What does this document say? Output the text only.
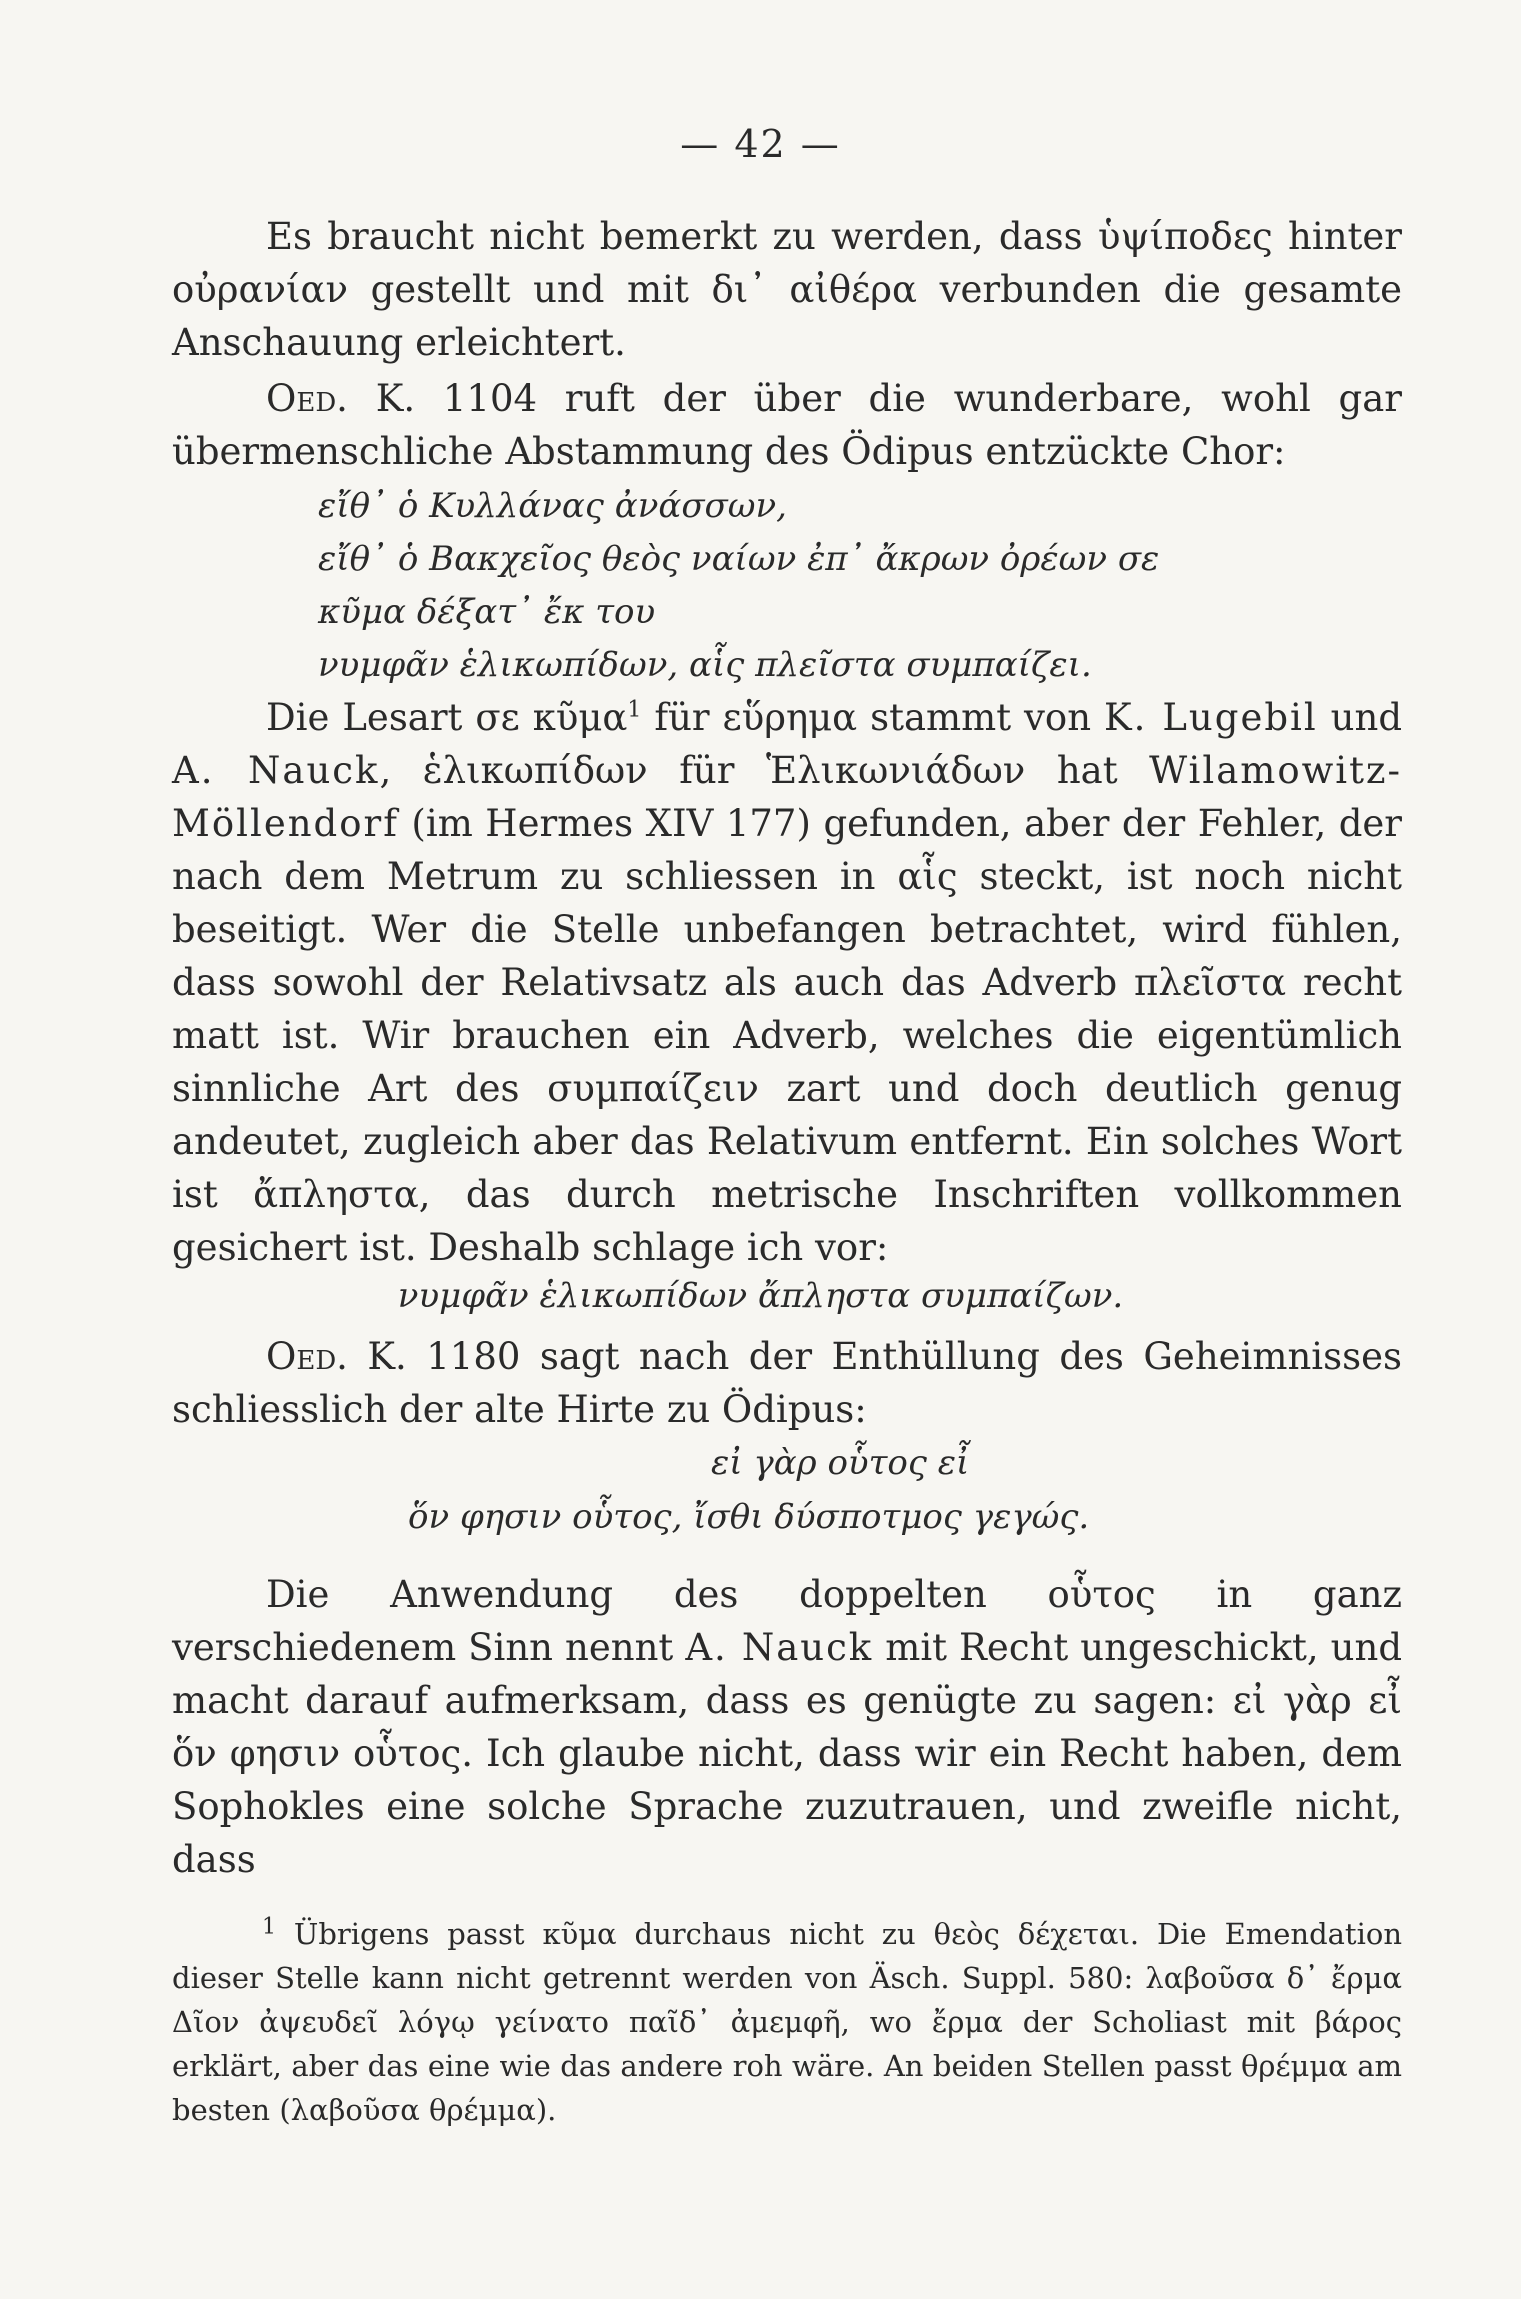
— 42 —

Es braucht nicht bemerkt zu werden, dass ὑψίποδες hinter οὐρανίαν gestellt und mit δι᾽ αἰθέρα verbunden die gesamte Anschauung erleichtert.

Oed. K. 1104 ruft der über die wunderbare, wohl gar übermenschliche Abstammung des Ödipus entzückte Chor:

εἴθ᾽ ὁ Κυλλάνας ἀνάσσων,
εἴθ᾽ ὁ Βακχεῖος θεὸς ναίων ἐπ᾽ ἄκρων ὀρέων σε
κῦμα δέξατ᾽ ἔκ του
νυμφᾶν ἑλικωπίδων, αἷς πλεῖστα συμπαίζει.

Die Lesart σε κῦμα$^1$ für εὕρημα stammt von K. Lugebil und A. Nauck, ἑλικωπίδων für Ἑλικωνιάδων hat Wilamowitz-Möllendorf (im Hermes XIV 177) gefunden, aber der Fehler, der nach dem Metrum zu schliessen in αἷς steckt, ist noch nicht beseitigt. Wer die Stelle unbefangen betrachtet, wird fühlen, dass sowohl der Relativsatz als auch das Adverb πλεῖστα recht matt ist. Wir brauchen ein Adverb, welches die eigentümlich sinnliche Art des συμπαίζειν zart und doch deutlich genug andeutet, zugleich aber das Relativum entfernt. Ein solches Wort ist ἄπληστα, das durch metrische Inschriften vollkommen gesichert ist. Deshalb schlage ich vor:

νυμφᾶν ἑλικωπίδων ἄπληστα συμπαίζων.

Oed. K. 1180 sagt nach der Enthüllung des Geheimnisses schliesslich der alte Hirte zu Ödipus:

εἰ γὰρ οὗτος εἶ
ὅν φησιν οὗτος, ἴσθι δύσποτμος γεγώς.

Die Anwendung des doppelten οὗτος in ganz verschiedenem Sinn nennt A. Nauck mit Recht ungeschickt, und macht darauf aufmerksam, dass es genügte zu sagen: εἰ γὰρ εἶ ὅν φησιν οὗτος. Ich glaube nicht, dass wir ein Recht haben, dem Sophokles eine solche Sprache zuzutrauen, und zweifle nicht, dass

$^1$ Übrigens passt κῦμα durchaus nicht zu θεὸς δέχεται. Die Emendation dieser Stelle kann nicht getrennt werden von Äsch. Suppl. 580: λαβοῦσα δ᾽ ἔρμα Δῖον ἀψευδεῖ λόγῳ γείνατο παῖδ᾽ ἀμεμφῆ, wo ἔρμα der Scholiast mit βάρος erklärt, aber das eine wie das andere roh wäre. An beiden Stellen passt θρέμμα am besten (λαβοῦσα θρέμμα).
